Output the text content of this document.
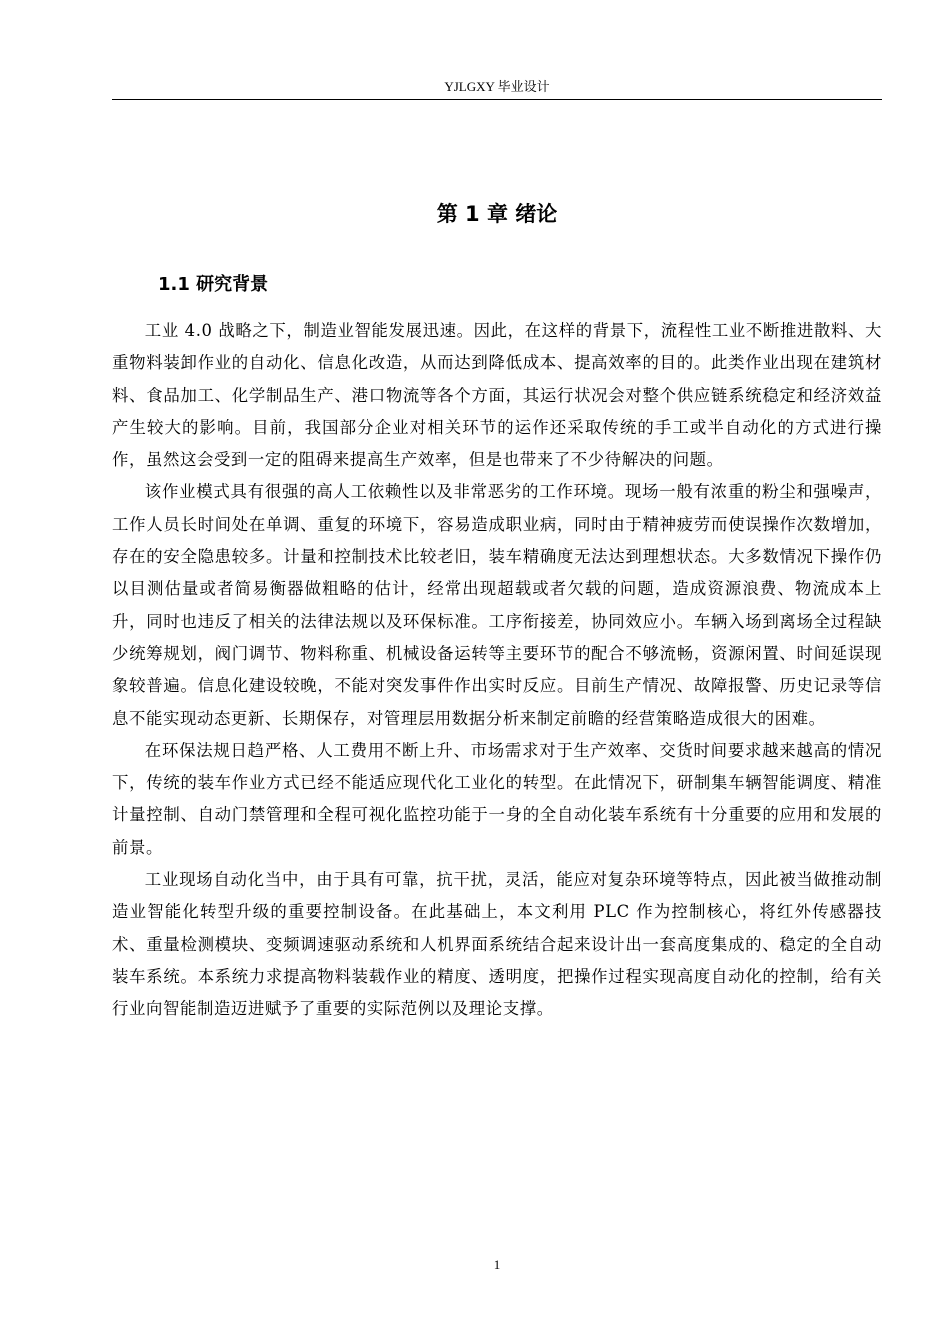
YJLGXY 毕业设计
第 1 章 绪论
1.1 研究背景

工业 4.0 战略之下，制造业智能发展迅速。因此，在这样的背景下，流程性工业不断推进散料、大重物料装卸作业的自动化、信息化改造，从而达到降低成本、提高效率的目的。此类作业出现在建筑材料、食品加工、化学制品生产、港口物流等各个方面，其运行状况会对整个供应链系统稳定和经济效益产生较大的影响。目前，我国部分企业对相关环节的运作还采取传统的手工或半自动化的方式进行操作，虽然这会受到一定的阻碍来提高生产效率，但是也带来了不少待解决的问题。

该作业模式具有很强的高人工依赖性以及非常恶劣的工作环境。现场一般有浓重的粉尘和强噪声，工作人员长时间处在单调、重复的环境下，容易造成职业病，同时由于精神疲劳而使误操作次数增加，存在的安全隐患较多。计量和控制技术比较老旧，装车精确度无法达到理想状态。大多数情况下操作仍以目测估量或者简易衡器做粗略的估计，经常出现超载或者欠载的问题，造成资源浪费、物流成本上升，同时也违反了相关的法律法规以及环保标准。工序衔接差，协同效应小。车辆入场到离场全过程缺少统筹规划，阀门调节、物料称重、机械设备运转等主要环节的配合不够流畅，资源闲置、时间延误现象较普遍。信息化建设较晚，不能对突发事件作出实时反应。目前生产情况、故障报警、历史记录等信息不能实现动态更新、长期保存，对管理层用数据分析来制定前瞻的经营策略造成很大的困难。

在环保法规日趋严格、人工费用不断上升、市场需求对于生产效率、交货时间要求越来越高的情况下，传统的装车作业方式已经不能适应现代化工业化的转型。在此情况下，研制集车辆智能调度、精准计量控制、自动门禁管理和全程可视化监控功能于一身的全自动化装车系统有十分重要的应用和发展的前景。

工业现场自动化当中，由于具有可靠，抗干扰，灵活，能应对复杂环境等特点，因此被当做推动制造业智能化转型升级的重要控制设备。在此基础上，本文利用 PLC 作为控制核心，将红外传感器技术、重量检测模块、变频调速驱动系统和人机界面系统结合起来设计出一套高度集成的、稳定的全自动装车系统。本系统力求提高物料装载作业的精度、透明度，把操作过程实现高度自动化的控制，给有关行业向智能制造迈进赋予了重要的实际范例以及理论支撑。

1
